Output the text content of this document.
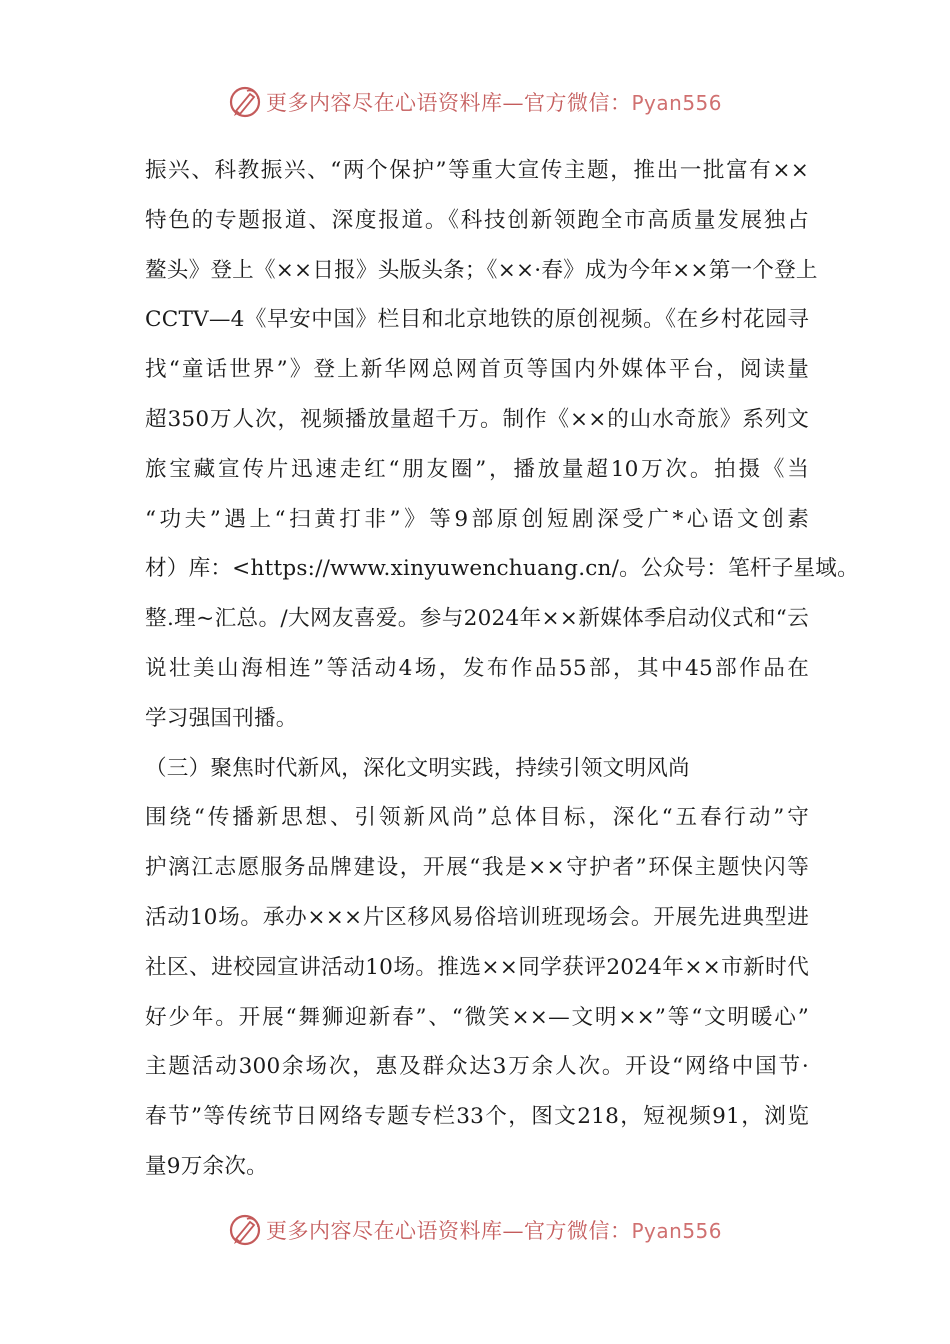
更多内容尽在心语资料库—官方微信：Pyan556
振兴、科教振兴、“两个保护”等重大宣传主题，推出一批富有××
特色的专题报道、深度报道。《科技创新领跑全市高质量发展独占
鳌头》登上《××日报》头版头条；《××·春》成为今年××第一个登上
CCTV—4《早安中国》栏目和北京地铁的原创视频。《在乡村花园寻
找“童话世界”》登上新华网总网首页等国内外媒体平台，阅读量
超350万人次，视频播放量超千万。制作《××的山水奇旅》系列文
旅宝藏宣传片迅速走红“朋友圈”，播放量超10万次。拍摄《当
“功夫”遇上“扫黄打非”》等9部原创短剧深受广*心语文创素
材）库：<https://www.xinyuwenchuang.cn/。公众号：笔杆子星域。
整.理~汇总。/大网友喜爱。参与2024年××新媒体季启动仪式和“云
说壮美山海相连”等活动4场，发布作品55部，其中45部作品在
学习强国刊播。
（三）聚焦时代新风，深化文明实践，持续引领文明风尚
围绕“传播新思想、引领新风尚”总体目标，深化“五春行动”守
护漓江志愿服务品牌建设，开展“我是××守护者”环保主题快闪等
活动10场。承办×××片区移风易俗培训班现场会。开展先进典型进
社区、进校园宣讲活动10场。推选××同学获评2024年××市新时代
好少年。开展“舞狮迎新春”、“微笑××—文明××”等“文明暖心”
主题活动300余场次，惠及群众达3万余人次。开设“网络中国节·
春节”等传统节日网络专题专栏33个，图文218，短视频91，浏览
量9万余次。
更多内容尽在心语资料库—官方微信：Pyan556
